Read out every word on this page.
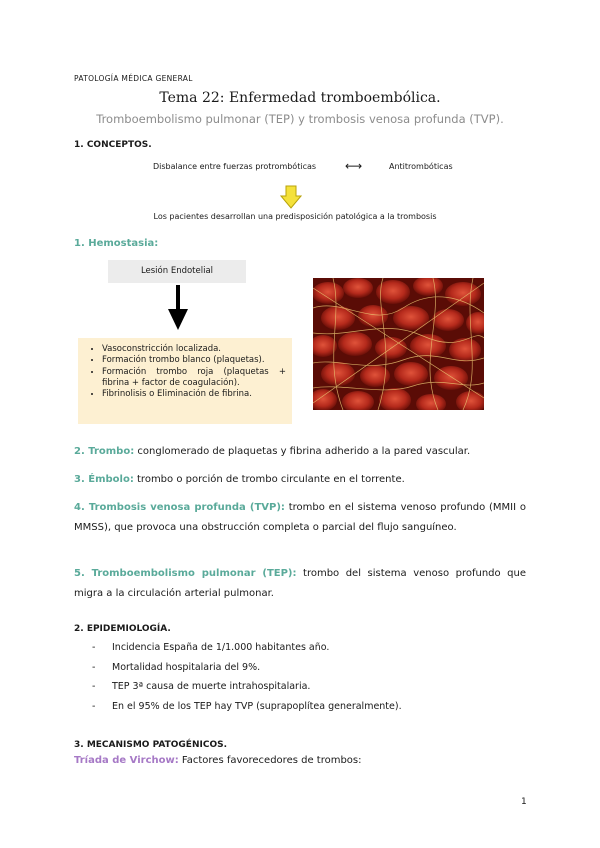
PATOLOGÍA MÉDICA GENERAL
Tema 22: Enfermedad tromboembólica.
Tromboembolismo pulmonar (TEP) y trombosis venosa profunda (TVP).
1. CONCEPTOS.
Disbalance entre fuerzas protrombóticas ⟷	Antitrombóticas
Los pacientes desarrollan una predisposición patológica a la trombosis
1. Hemostasia:
Lesión Endotelial
• Vasoconstricción localizada.
• Formación trombo blanco (plaquetas).
• Formación trombo roja (plaquetas + fibrina + factor de coagulación).
• Fibrinolisis o Eliminación de fibrina.
2. Trombo: conglomerado de plaquetas y fibrina adherido a la pared vascular.
3. Émbolo: trombo o porción de trombo circulante en el torrente.
4. Trombosis venosa profunda (TVP): trombo en el sistema venoso profundo (MMII o MMSS), que provoca una obstrucción completa o parcial del flujo sanguíneo.
5. Tromboembolismo pulmonar (TEP): trombo del sistema venoso profundo que migra a la circulación arterial pulmonar.
2. EPIDEMIOLOGÍA.
- Incidencia España de 1/1.000 habitantes año.
- Mortalidad hospitalaria del 9%.
- TEP 3ª causa de muerte intrahospitalaria.
- En el 95% de los TEP hay TVP (suprapoplítea generalmente).
3. MECANISMO PATOGÉNICOS.
Tríada de Virchow: Factores favorecedores de trombos:
1
